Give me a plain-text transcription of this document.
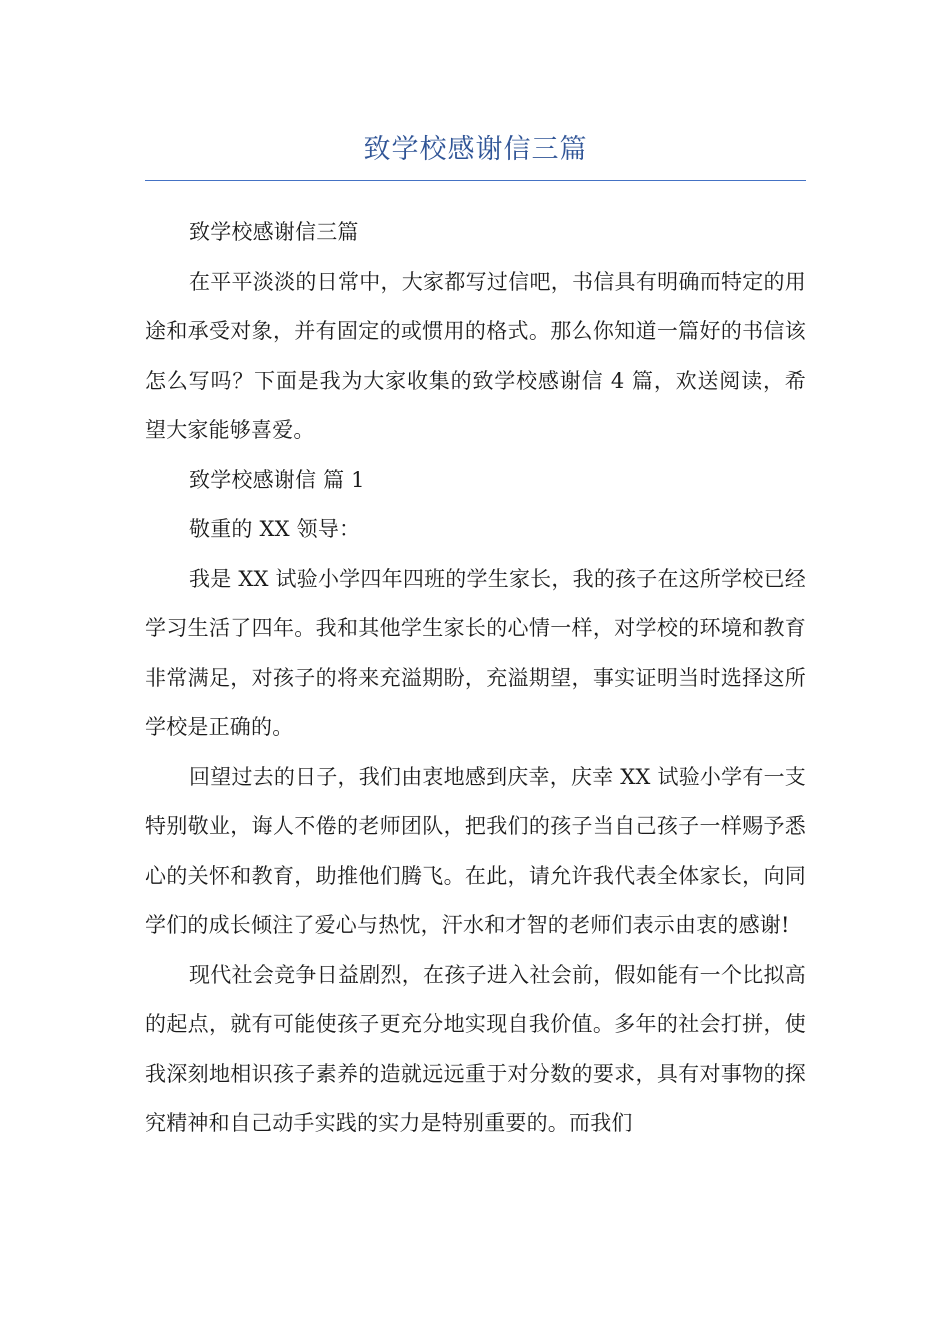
致学校感谢信三篇

致学校感谢信三篇

在平平淡淡的日常中，大家都写过信吧，书信具有明确而特定的用途和承受对象，并有固定的或惯用的格式。那么你知道一篇好的书信该怎么写吗？下面是我为大家收集的致学校感谢信 4 篇，欢送阅读，希望大家能够喜爱。

致学校感谢信 篇 1

敬重的 XX 领导：

我是 XX 试验小学四年四班的学生家长，我的孩子在这所学校已经学习生活了四年。我和其他学生家长的心情一样，对学校的环境和教育非常满足，对孩子的将来充溢期盼，充溢期望，事实证明当时选择这所学校是正确的。

回望过去的日子，我们由衷地感到庆幸，庆幸 XX 试验小学有一支特别敬业，诲人不倦的老师团队，把我们的孩子当自己孩子一样赐予悉心的关怀和教育，助推他们腾飞。在此，请允许我代表全体家长，向同学们的成长倾注了爱心与热忱，汗水和才智的老师们表示由衷的感谢!

现代社会竞争日益剧烈，在孩子进入社会前，假如能有一个比拟高的起点，就有可能使孩子更充分地实现自我价值。多年的社会打拼，使我深刻地相识孩子素养的造就远远重于对分数的要求，具有对事物的探究精神和自己动手实践的实力是特别重要的。而我们
